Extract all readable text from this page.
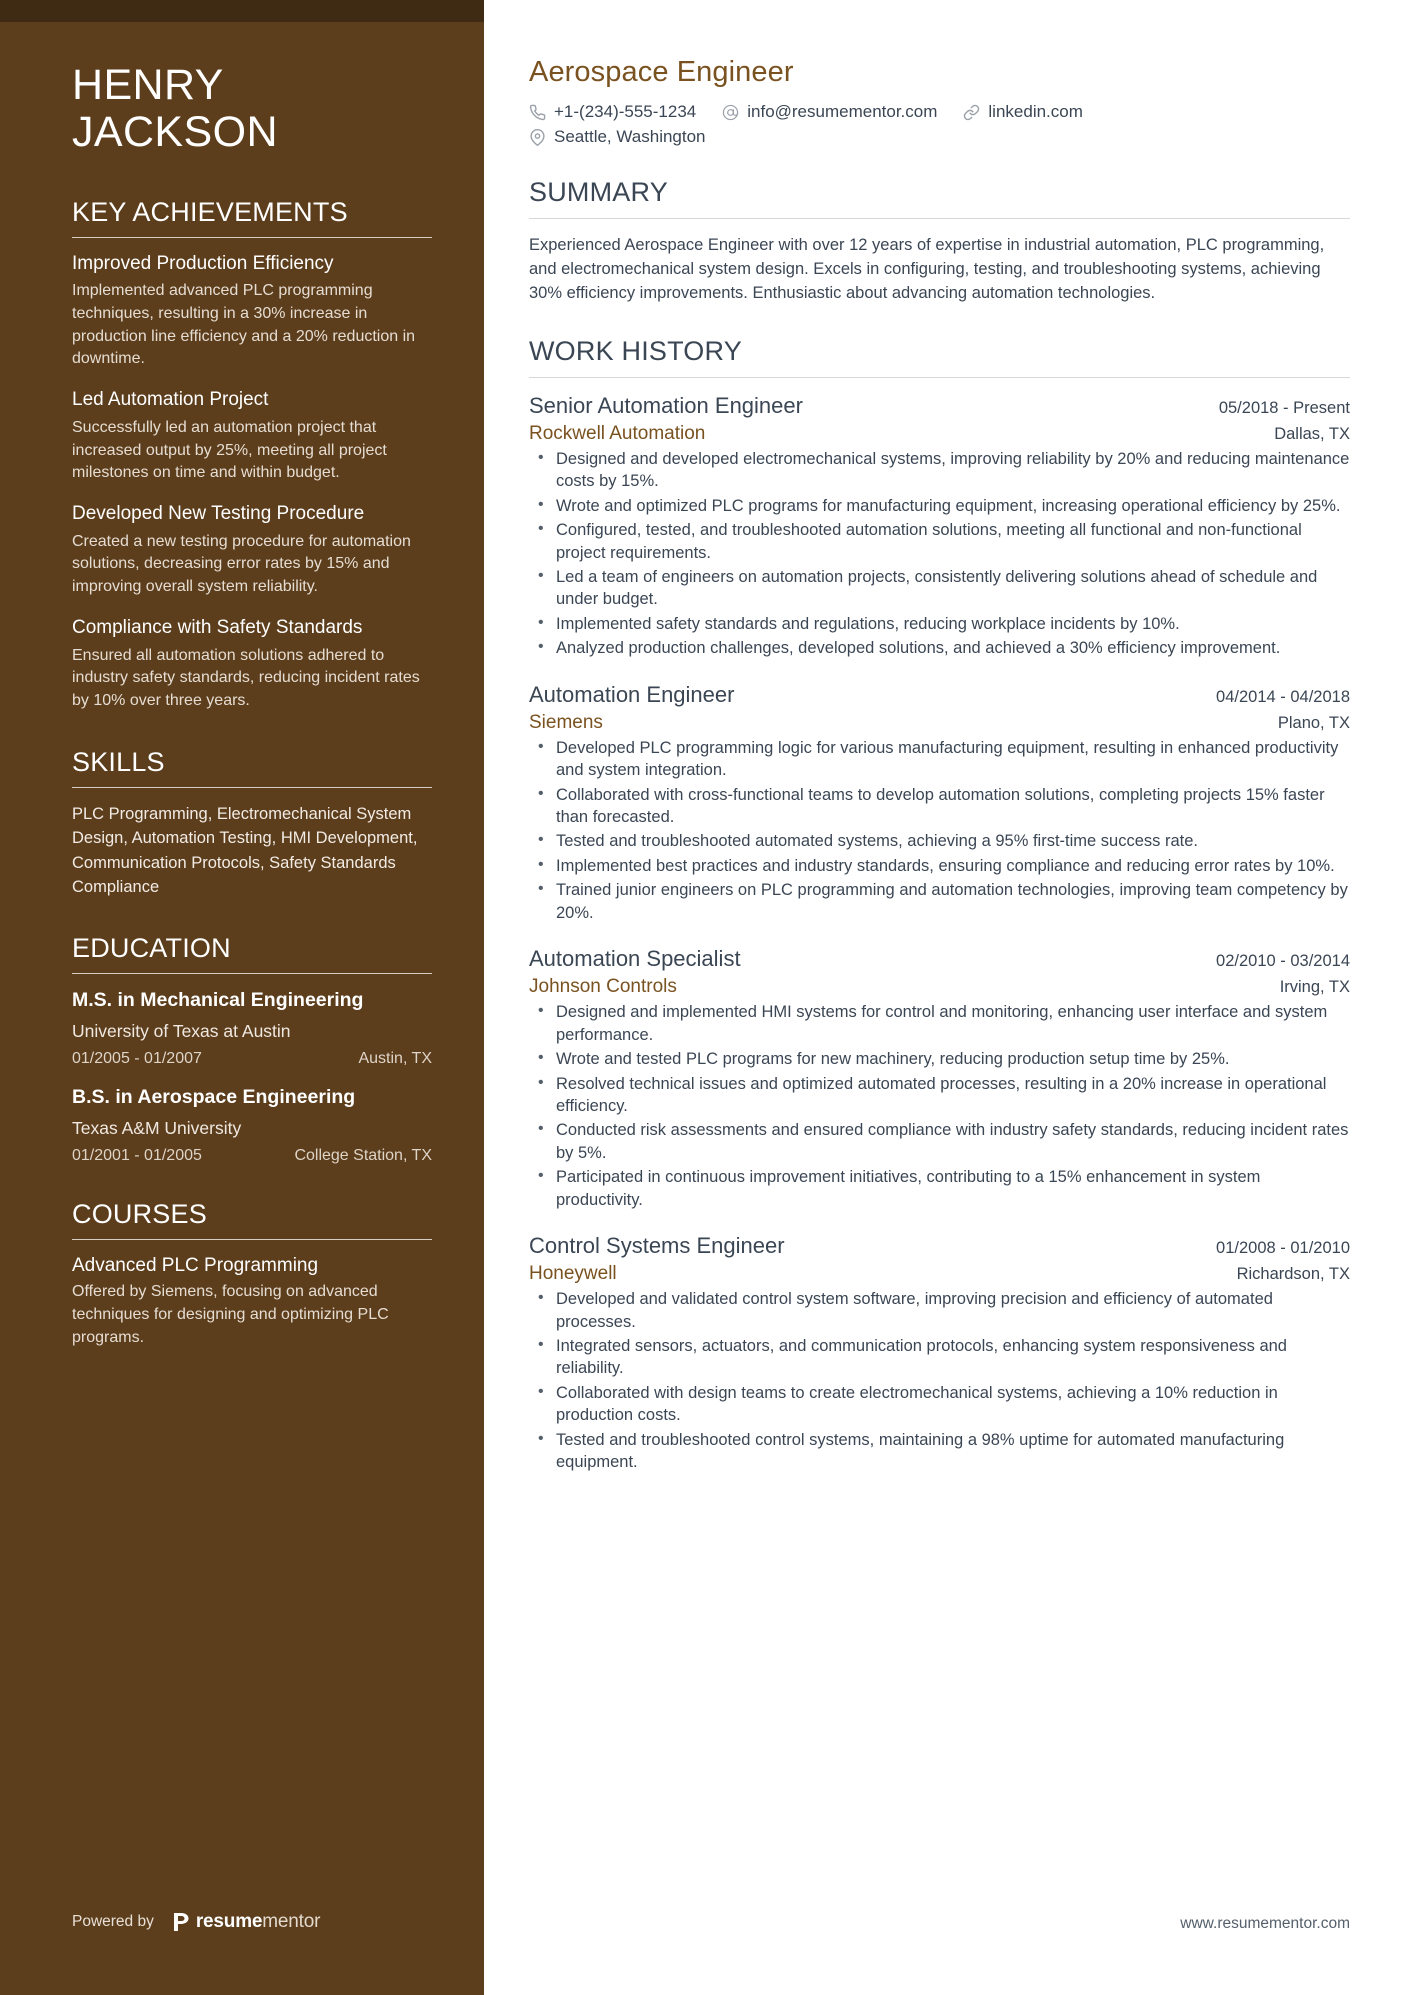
HENRY
JACKSON
KEY ACHIEVEMENTS
Improved Production Efficiency
Implemented advanced PLC programming techniques, resulting in a 30% increase in production line efficiency and a 20% reduction in downtime.
Led Automation Project
Successfully led an automation project that increased output by 25%, meeting all project milestones on time and within budget.
Developed New Testing Procedure
Created a new testing procedure for automation solutions, decreasing error rates by 15% and improving overall system reliability.
Compliance with Safety Standards
Ensured all automation solutions adhered to industry safety standards, reducing incident rates by 10% over three years.
SKILLS
PLC Programming, Electromechanical System Design, Automation Testing, HMI Development, Communication Protocols, Safety Standards Compliance
EDUCATION
M.S. in Mechanical Engineering
University of Texas at Austin
01/2005 - 01/2007	Austin, TX
B.S. in Aerospace Engineering
Texas A&M University
01/2001 - 01/2005	College Station, TX
COURSES
Advanced PLC Programming
Offered by Siemens, focusing on advanced techniques for designing and optimizing PLC programs.
Powered by resumementor
Aerospace Engineer
+1-(234)-555-1234	info@resumementor.com	linkedin.com
Seattle, Washington
SUMMARY

Experienced Aerospace Engineer with over 12 years of expertise in industrial automation, PLC programming, and electromechanical system design. Excels in configuring, testing, and troubleshooting systems, achieving 30% efficiency improvements. Enthusiastic about advancing automation technologies.

WORK HISTORY
Senior Automation Engineer	05/2018 - Present
Rockwell Automation	Dallas, TX
• Designed and developed electromechanical systems, improving reliability by 20% and reducing maintenance costs by 15%.
• Wrote and optimized PLC programs for manufacturing equipment, increasing operational efficiency by 25%.
• Configured, tested, and troubleshooted automation solutions, meeting all functional and non-functional project requirements.
• Led a team of engineers on automation projects, consistently delivering solutions ahead of schedule and under budget.
• Implemented safety standards and regulations, reducing workplace incidents by 10%.
• Analyzed production challenges, developed solutions, and achieved a 30% efficiency improvement.
Automation Engineer	04/2014 - 04/2018
Siemens	Plano, TX
• Developed PLC programming logic for various manufacturing equipment, resulting in enhanced productivity and system integration.
• Collaborated with cross-functional teams to develop automation solutions, completing projects 15% faster than forecasted.
• Tested and troubleshooted automated systems, achieving a 95% first-time success rate.
• Implemented best practices and industry standards, ensuring compliance and reducing error rates by 10%.
• Trained junior engineers on PLC programming and automation technologies, improving team competency by 20%.
Automation Specialist	02/2010 - 03/2014
Johnson Controls	Irving, TX
• Designed and implemented HMI systems for control and monitoring, enhancing user interface and system performance.
• Wrote and tested PLC programs for new machinery, reducing production setup time by 25%.
• Resolved technical issues and optimized automated processes, resulting in a 20% increase in operational efficiency.
• Conducted risk assessments and ensured compliance with industry safety standards, reducing incident rates by 5%.
• Participated in continuous improvement initiatives, contributing to a 15% enhancement in system productivity.
Control Systems Engineer	01/2008 - 01/2010
Honeywell	Richardson, TX
• Developed and validated control system software, improving precision and efficiency of automated processes.
• Integrated sensors, actuators, and communication protocols, enhancing system responsiveness and reliability.
• Collaborated with design teams to create electromechanical systems, achieving a 10% reduction in production costs.
• Tested and troubleshooted control systems, maintaining a 98% uptime for automated manufacturing equipment.
www.resumementor.com
